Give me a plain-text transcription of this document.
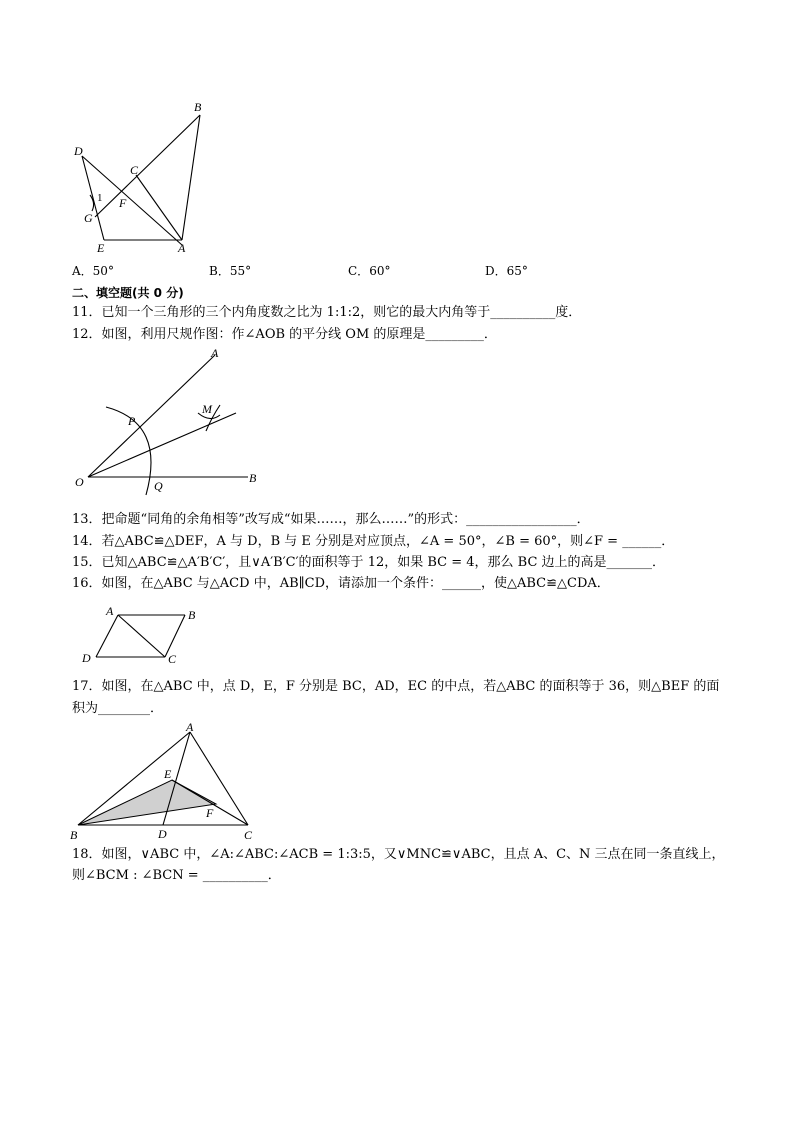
B
D
C
F
1
G
E	A
A．50°	B．55°	C．60°	D．65°
二、填空题(共 0 分)
11．已知一个三角形的三个内角度数之比为 1:1:2，则它的最大内角等于__________度．
12．如图，利用尺规作图：作∠AOB 的平分线 OM 的原理是_________．
A
M
P
O	Q
B
13．把命题“同角的余角相等”改写成“如果……，那么……”的形式：_________________．
14．若△ABC≌△DEF，A 与 D，B 与 E 分别是对应顶点，∠A = 50°，∠B = 60°，则∠F = ______．
15．已知△ABC≌△A′B′C′，且∨A′B′C′的面积等于 12，如果 BC = 4，那么 BC 边上的高是_______．
16．如图，在△ABC 与△ACD 中，AB∥CD，请添加一个条件：______，使△ABC≌△CDA．
A	B
D	C
17．如图，在△ABC 中，点 D，E，F 分别是 BC，AD，EC 的中点，若△ABC 的面积等于 36，则△BEF 的面
积为________．
A
E
F
B	D	C
18．如图，∨ABC 中，∠A:∠ABC:∠ACB = 1:3:5，又∨MNC≌∨ABC，且点 A、C、N 三点在同一条直线上，
则∠BCM : ∠BCN = __________．
